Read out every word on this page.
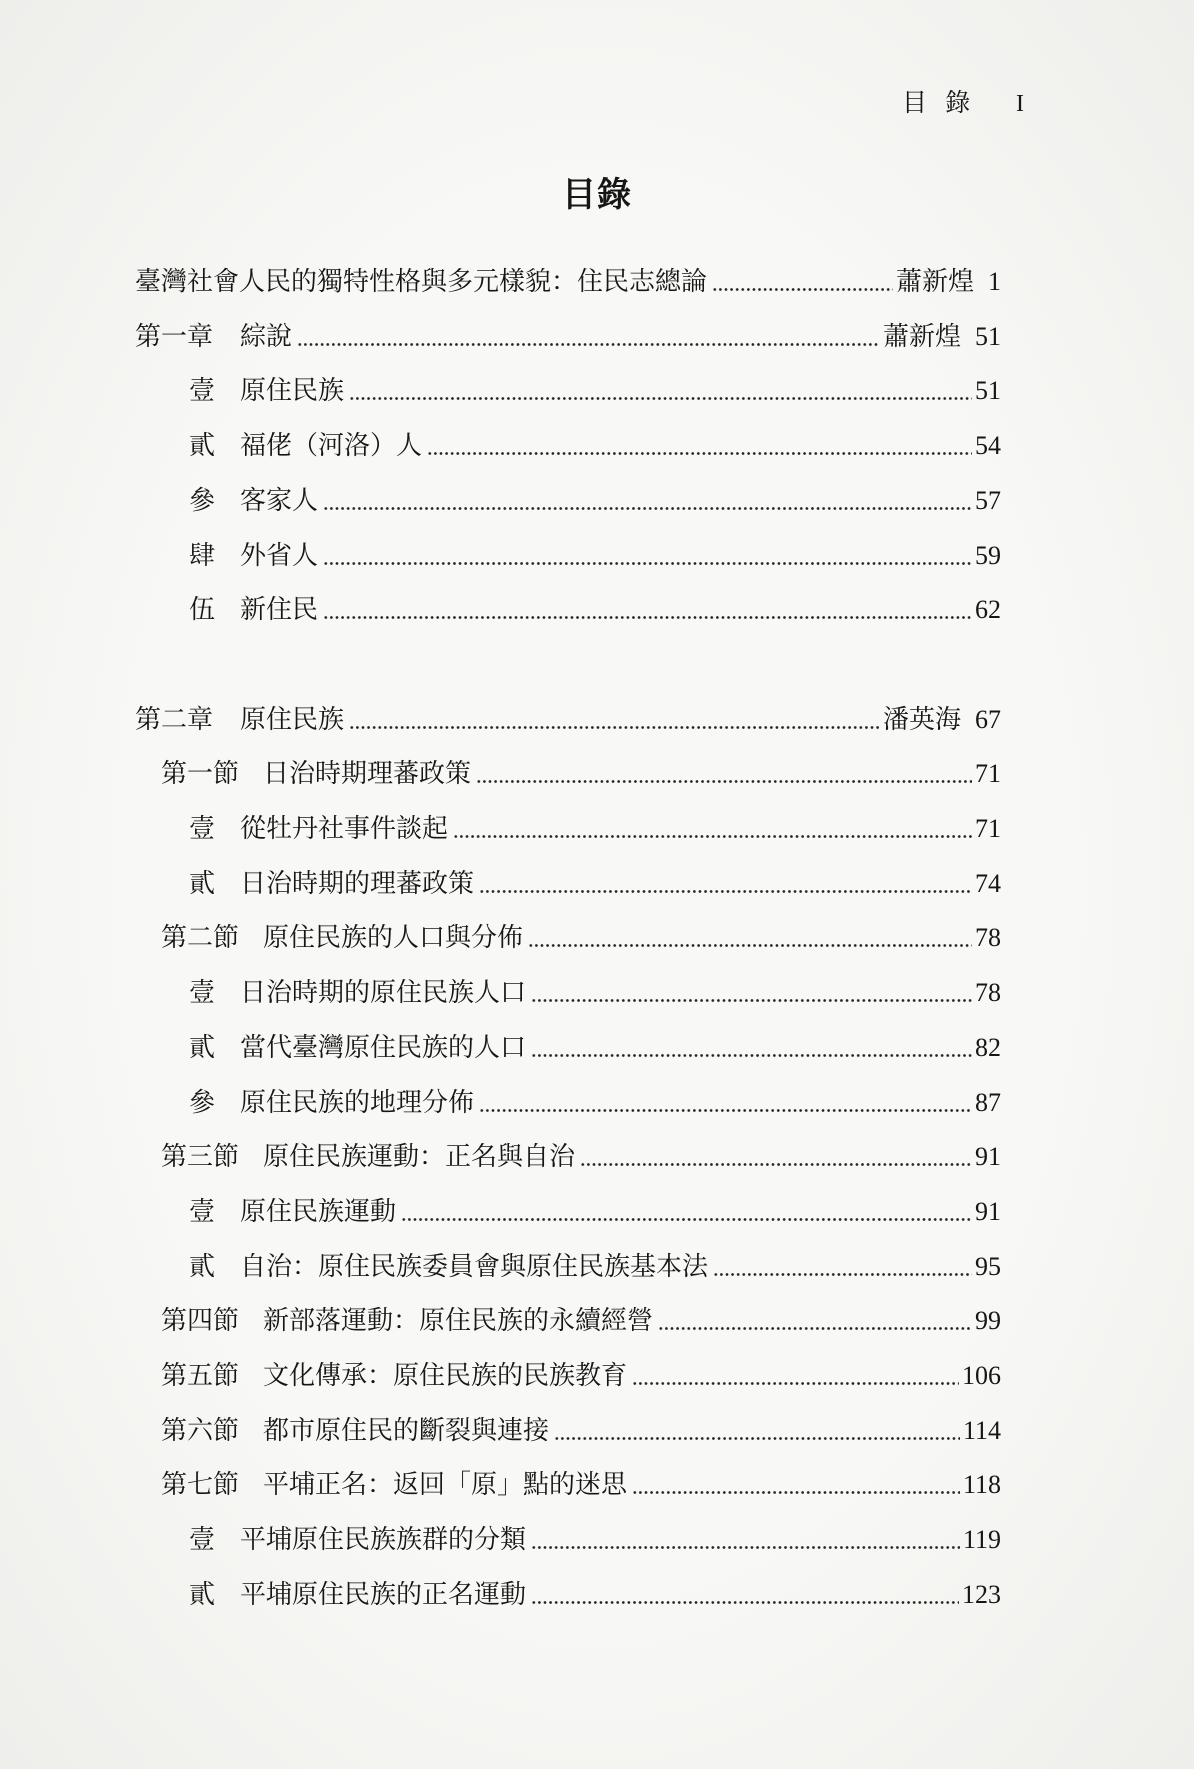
目 錄 I
目錄
臺灣社會人民的獨特性格與多元樣貌：住民志總論	蕭新煌 1
第一章	綜說	蕭新煌 51
壹 原住民族	51
貳 福佬（河洛）人	54
參 客家人	57
肆 外省人	59
伍 新住民	62
第二章	原住民族	潘英海 67
第一節 日治時期理蕃政策	71
壹 從牡丹社事件談起	71
貳 日治時期的理蕃政策	74
第二節 原住民族的人口與分佈	78
壹 日治時期的原住民族人口	78
貳 當代臺灣原住民族的人口	82
參 原住民族的地理分佈	87
第三節 原住民族運動：正名與自治	91
壹 原住民族運動	91
貳 自治：原住民族委員會與原住民族基本法	95
第四節 新部落運動：原住民族的永續經營	99
第五節 文化傳承：原住民族的民族教育	106
第六節 都市原住民的斷裂與連接	114
第七節 平埔正名：返回「原」點的迷思	118
壹 平埔原住民族族群的分類	119
貳 平埔原住民族的正名運動	123
